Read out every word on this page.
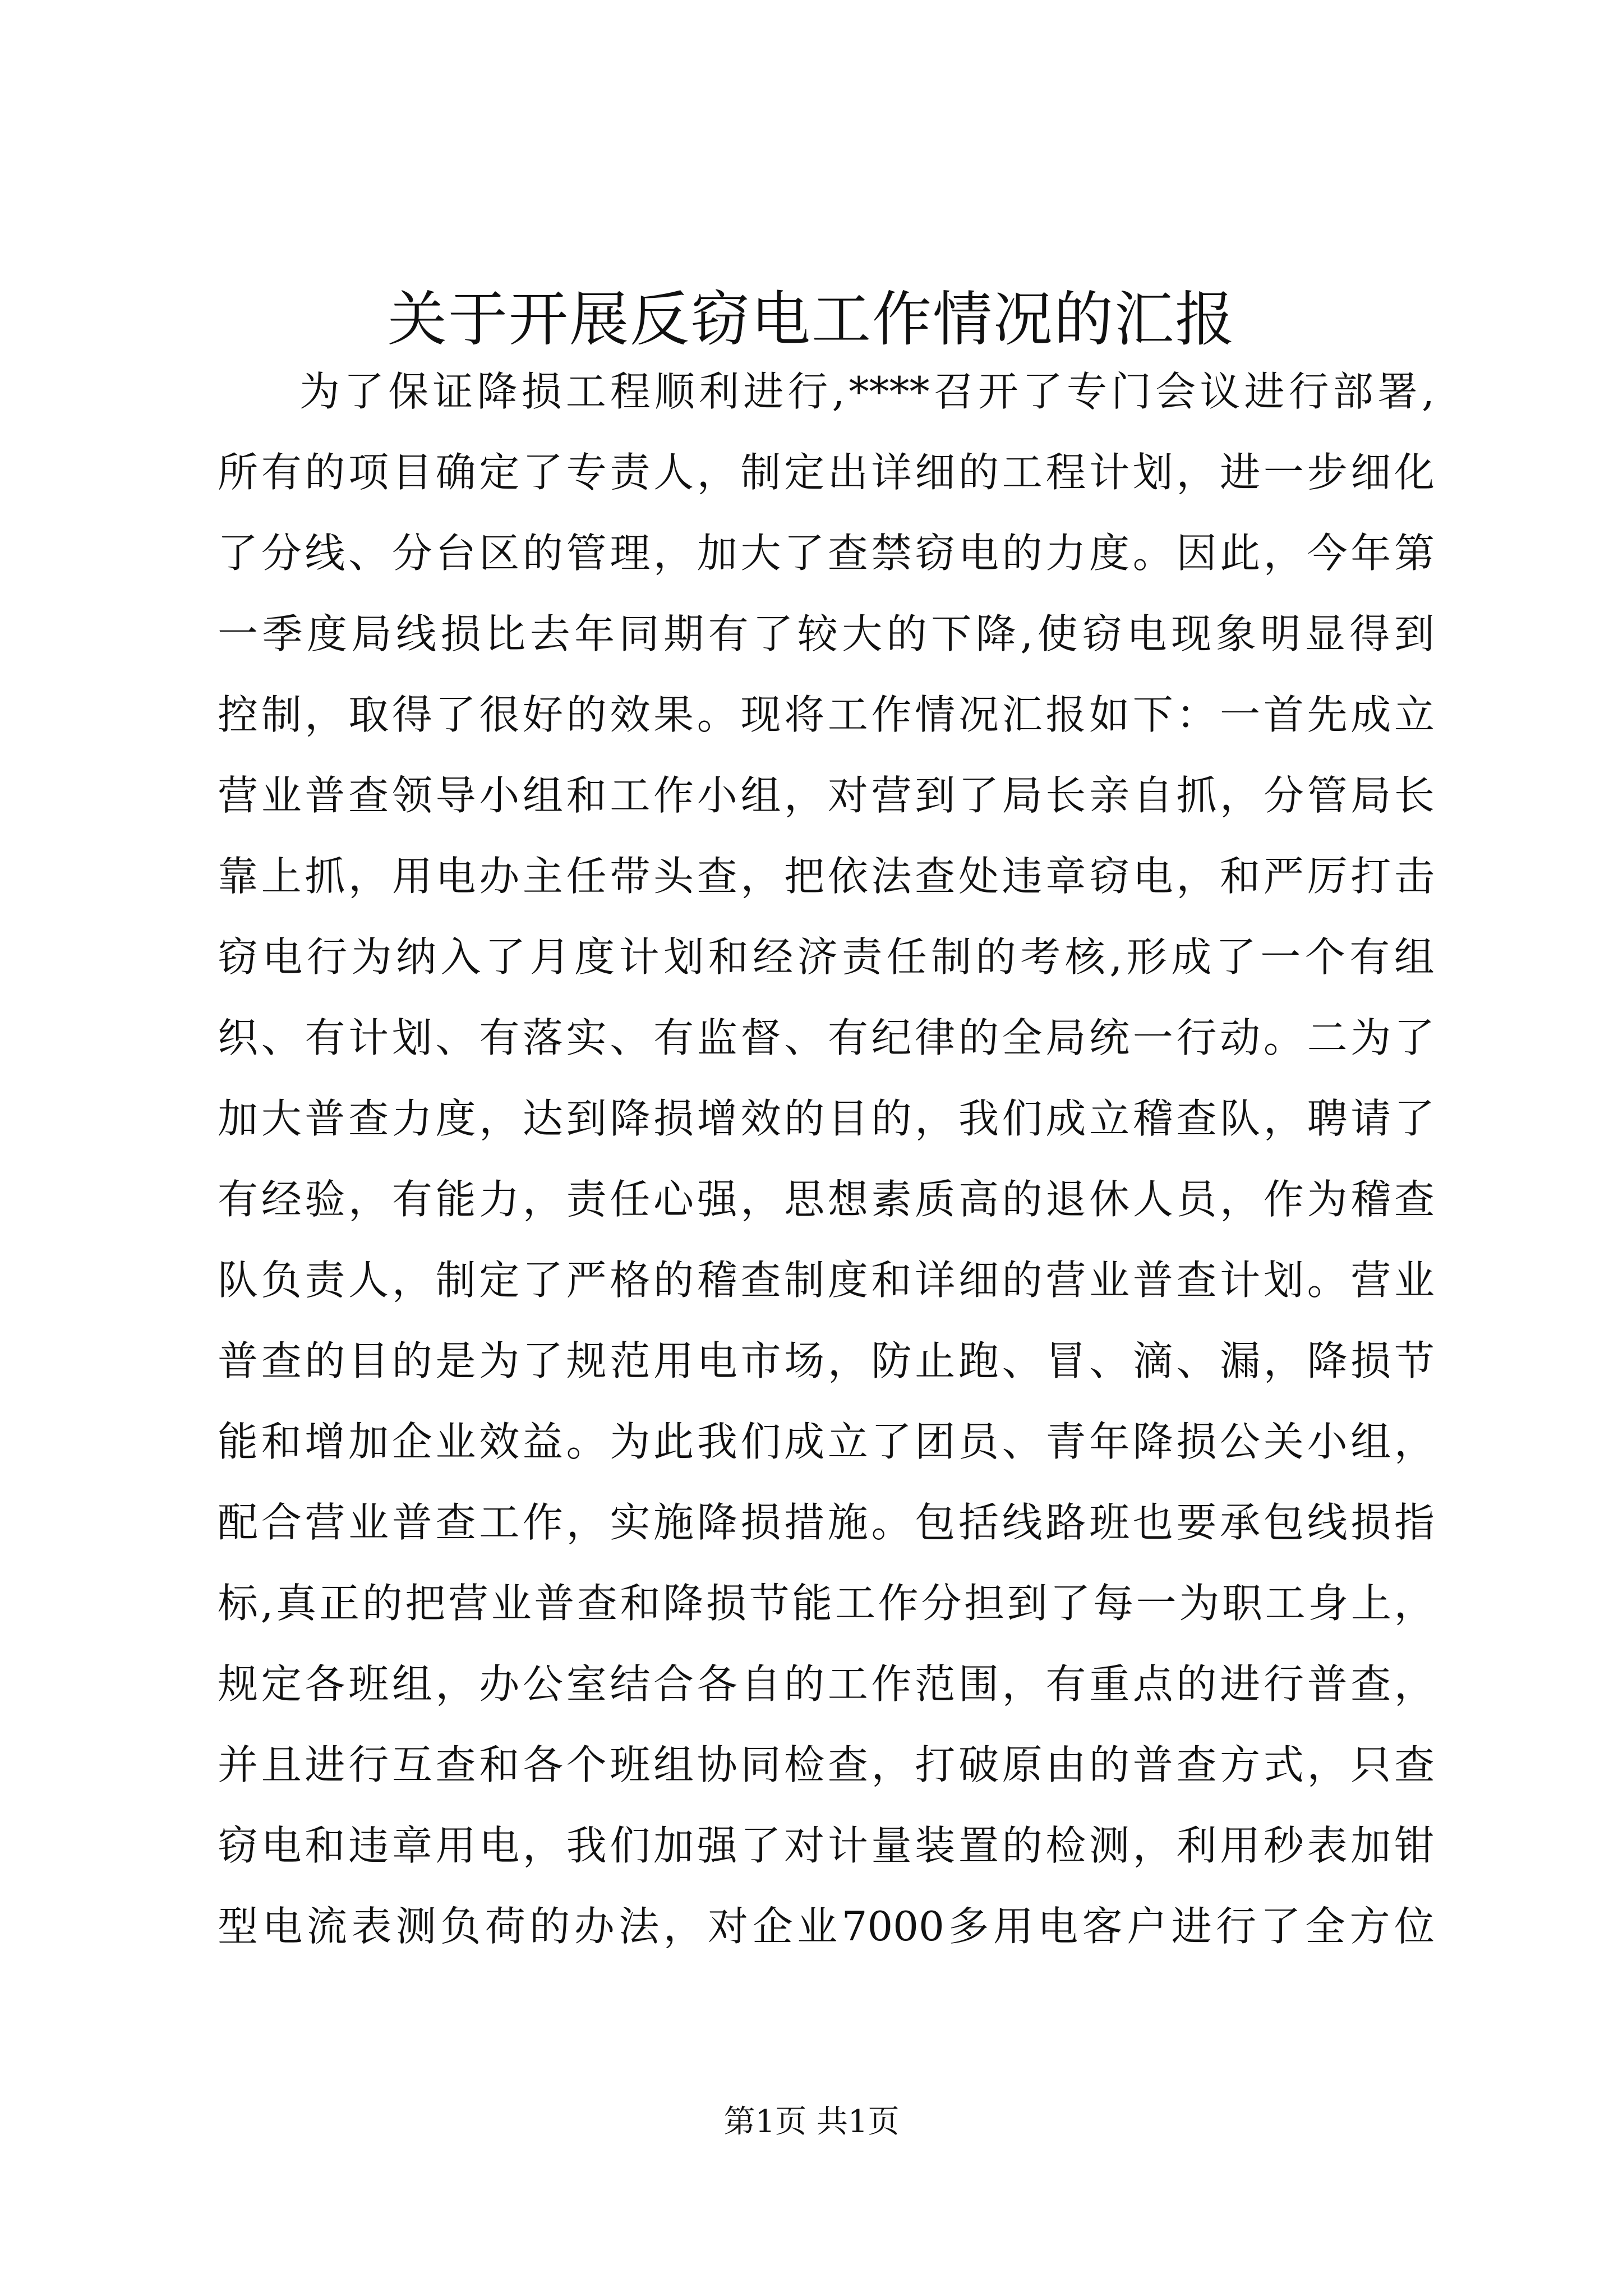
关于开展反窃电工作情况的汇报
为 了 保 证 降 损 工 程 顺 利 进 行 , **** 召 开 了 专 门 会 议 进 行 部 署 ,
所 有 的 项 目 确 定 了 专 责 人 ， 制 定 出 详 细 的 工 程 计 划 ， 进 一 步 细 化
了 分 线 、 分 台 区 的 管 理 ， 加 大 了 查 禁 窃 电 的 力 度 。 因 此 ， 今 年 第
一 季 度 局 线 损 比 去 年 同 期 有 了 较 大 的 下 降 , 使 窃 电 现 象 明 显 得 到
控 制 ， 取 得 了 很 好 的 效 果 。 现 将 工 作 情 况 汇 报 如 下 ： 一 首 先 成 立
营 业 普 查 领 导 小 组 和 工 作 小 组 ， 对 营 到 了 局 长 亲 自 抓 ， 分 管 局 长
靠 上 抓 ， 用 电 办 主 任 带 头 查 ， 把 依 法 查 处 违 章 窃 电 ， 和 严 厉 打 击
窃 电 行 为 纳 入 了 月 度 计 划 和 经 济 责 任 制 的 考 核 , 形 成 了 一 个 有 组
织 、 有 计 划 、 有 落 实 、 有 监 督 、 有 纪 律 的 全 局 统 一 行 动 。 二 为 了
加 大 普 查 力 度 ， 达 到 降 损 增 效 的 目 的 ， 我 们 成 立 稽 查 队 ， 聘 请 了
有 经 验 ， 有 能 力 ， 责 任 心 强 ， 思 想 素 质 高 的 退 休 人 员 ， 作 为 稽 查
队 负 责 人 ， 制 定 了 严 格 的 稽 查 制 度 和 详 细 的 营 业 普 查 计 划 。 营 业
普 查 的 目 的 是 为 了 规 范 用 电 市 场 ， 防 止 跑 、 冒 、 滴 、 漏 ， 降 损 节
能 和 增 加 企 业 效 益 。 为 此 我 们 成 立 了 团 员 、 青 年 降 损 公 关 小 组 ，
配 合 营 业 普 查 工 作 ， 实 施 降 损 措 施 。 包 括 线 路 班 也 要 承 包 线 损 指
标 , 真 正 的 把 营 业 普 查 和 降 损 节 能 工 作 分 担 到 了 每 一 为 职 工 身 上 ，
规 定 各 班 组 ， 办 公 室 结 合 各 自 的 工 作 范 围 ， 有 重 点 的 进 行 普 查 ，
并 且 进 行 互 查 和 各 个 班 组 协 同 检 查 ， 打 破 原 由 的 普 查 方 式 ， 只 查
窃 电 和 违 章 用 电 ， 我 们 加 强 了 对 计 量 装 置 的 检 测 ， 利 用 秒 表 加 钳
型 电 流 表 测 负 荷 的 办 法 ， 对 企 业 7000 多 用 电 客 户 进 行 了 全 方 位
第1页 共1页
